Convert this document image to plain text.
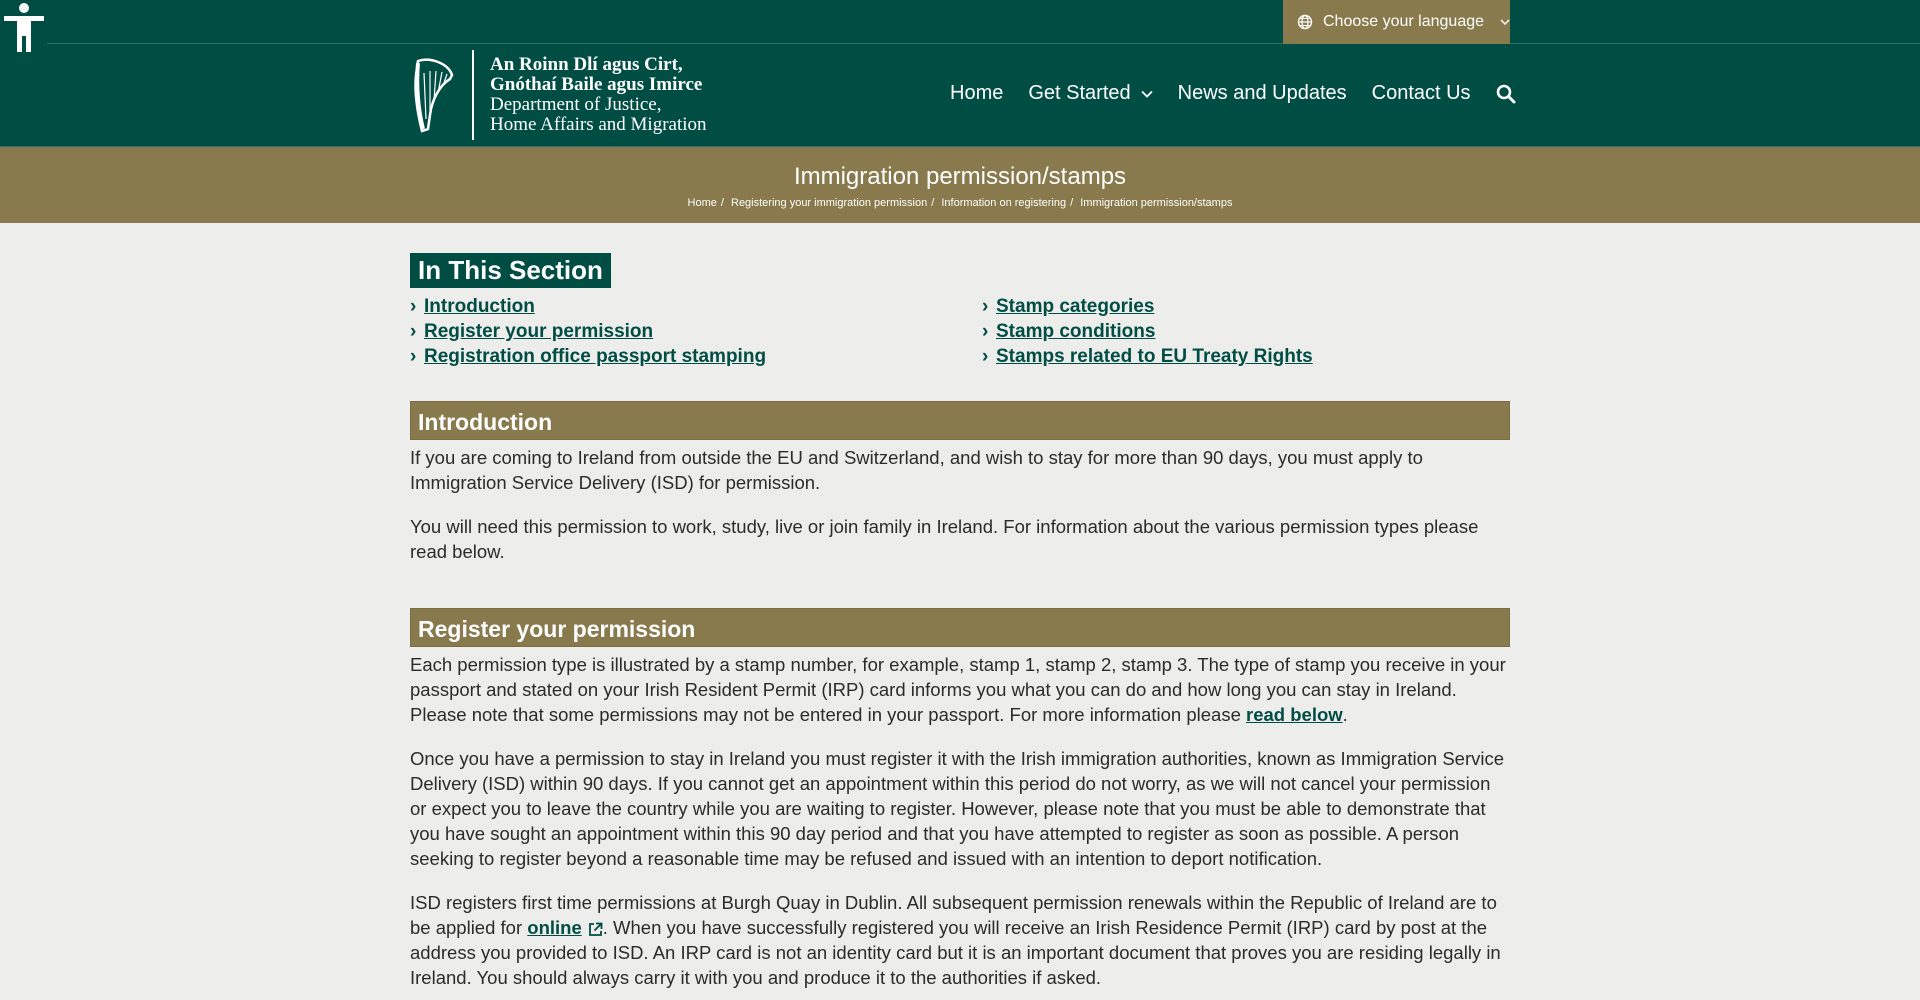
Choose your language
An Roinn Dlí agus Cirt,
Gnóthaí Baile agus Imirce
Department of Justice,
Home Affairs and Migration
Home Get Started News and Updates Contact Us
Immigration permission/stamps
Home / Registering your immigration permission / Information on registering / Immigration permission/stamps
In This Section
› Introduction
› Register your permission
› Registration office passport stamping
› Stamp categories
› Stamp conditions
› Stamps related to EU Treaty Rights
Introduction

If you are coming to Ireland from outside the EU and Switzerland, and wish to stay for more than 90 days, you must apply to Immigration Service Delivery (ISD) for permission.

You will need this permission to work, study, live or join family in Ireland. For information about the various permission types please read below.

Register your permission

Each permission type is illustrated by a stamp number, for example, stamp 1, stamp 2, stamp 3. The type of stamp you receive in your passport and stated on your Irish Resident Permit (IRP) card informs you what you can do and how long you can stay in Ireland. Please note that some permissions may not be entered in your passport. For more information please read below.

Once you have a permission to stay in Ireland you must register it with the Irish immigration authorities, known as Immigration Service Delivery (ISD) within 90 days. If you cannot get an appointment within this period do not worry, as we will not cancel your permission or expect you to leave the country while you are waiting to register. However, please note that you must be able to demonstrate that you have sought an appointment within this 90 day period and that you have attempted to register as soon as possible. A person seeking to register beyond a reasonable time may be refused and issued with an intention to deport notification.

ISD registers first time permissions at Burgh Quay in Dublin. All subsequent permission renewals within the Republic of Ireland are to be applied for online . When you have successfully registered you will receive an Irish Residence Permit (IRP) card by post at the address you provided to ISD. An IRP card is not an identity card but it is an important document that proves you are residing legally in Ireland. You should always carry it with you and produce it to the authorities if asked.
